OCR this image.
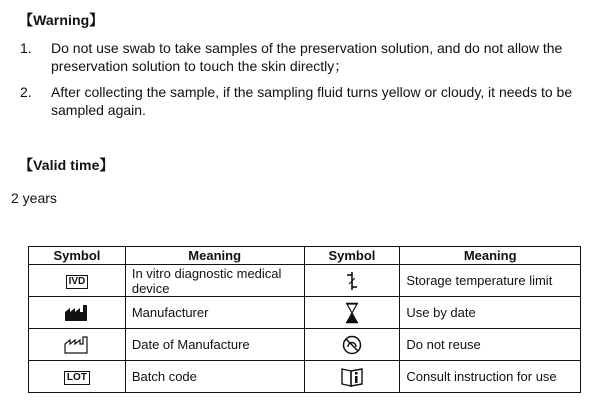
【Warning】
1. Do not use swab to take samples of the preservation solution, and do not allow the preservation solution to touch the skin directly；
2. After collecting the sample, if the sampling fluid turns yellow or cloudy, it needs to be sampled again.
【Valid time】
2 years
Symbol	Meaning	Symbol	Meaning
IVD	In vitro diagnostic medical device		Storage temperature limit
	Manufacturer		Use by date
	Date of Manufacture		Do not reuse
LOT	Batch code		Consult instruction for use
